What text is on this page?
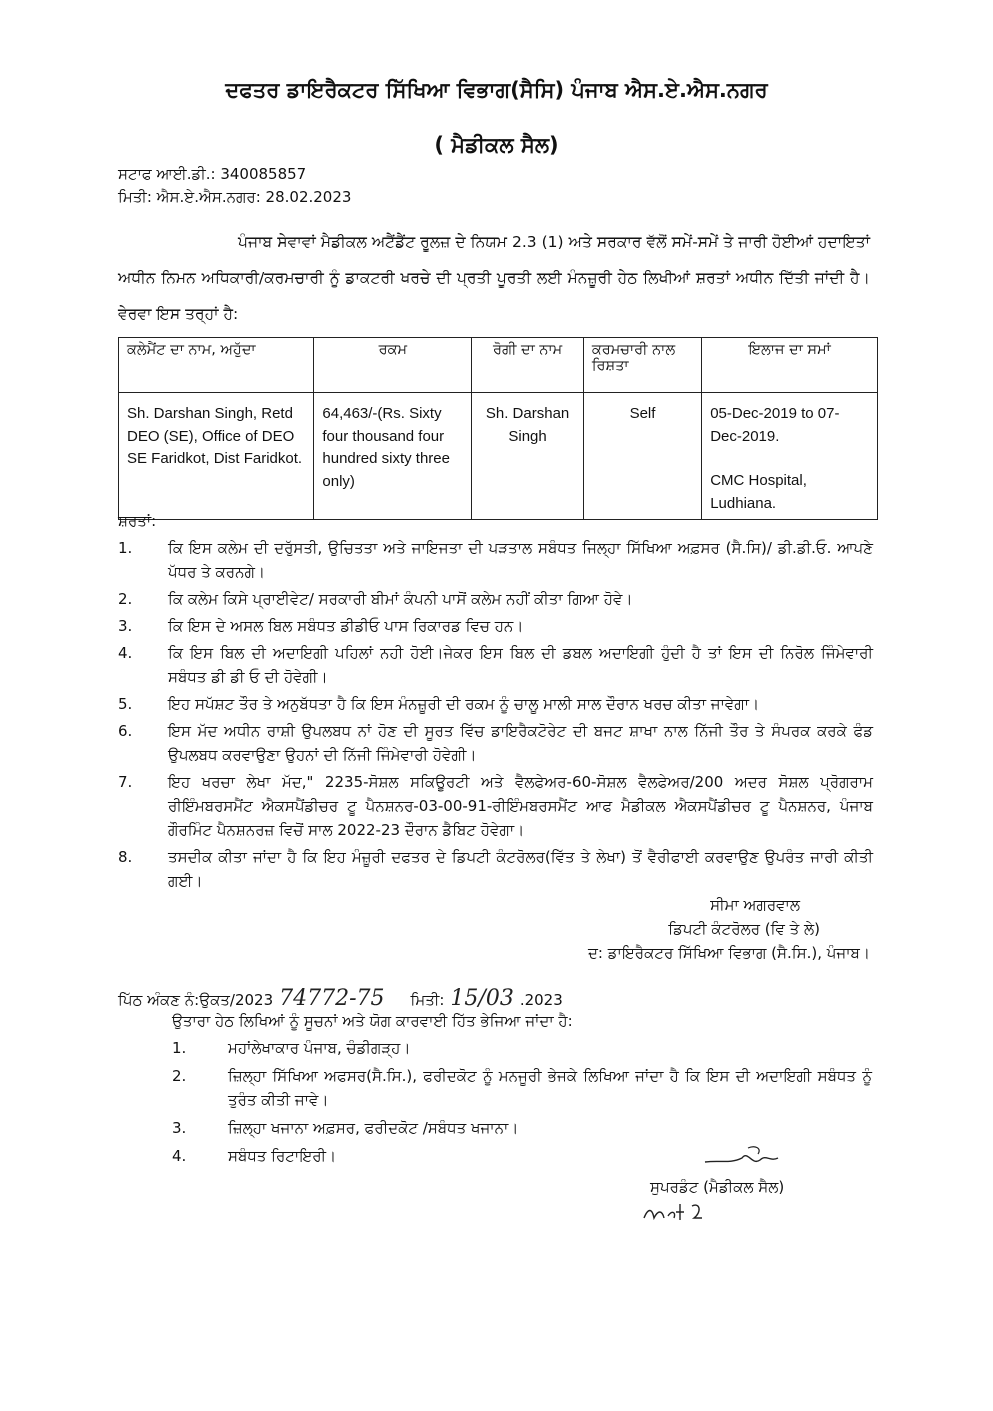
ਦਫਤਰ ਡਾਇਰੈਕਟਰ ਸਿੱਖਿਆ ਵਿਭਾਗ(ਸੈਸਿ) ਪੰਜਾਬ ਐਸ.ਏ.ਐਸ.ਨਗਰ
( ਮੈਡੀਕਲ ਸੈਲ)
ਸਟਾਫ ਆਈ.ਡੀ.: 340085857
ਮਿਤੀ: ਐਸ.ਏ.ਐਸ.ਨਗਰ: 28.02.2023

ਪੰਜਾਬ ਸੇਵਾਵਾਂ ਮੈਡੀਕਲ ਅਟੈਂਡੈਂਟ ਰੂਲਜ਼ ਦੇ ਨਿਯਮ 2.3 (1) ਅਤੇ ਸਰਕਾਰ ਵੱਲੋਂ ਸਮੇਂ-ਸਮੇਂ ਤੇ ਜਾਰੀ ਹੋਈਆਂ ਹਦਾਇਤਾਂ ਅਧੀਨ ਨਿਮਨ ਅਧਿਕਾਰੀ/ਕਰਮਚਾਰੀ ਨੂੰ ਡਾਕਟਰੀ ਖਰਚੇ ਦੀ ਪ੍ਰਤੀ ਪੂਰਤੀ ਲਈ ਮੰਨਜ਼ੂਰੀ ਹੇਠ ਲਿਖੀਆਂ ਸ਼ਰਤਾਂ ਅਧੀਨ ਦਿੱਤੀ ਜਾਂਦੀ ਹੈ। ਵੇਰਵਾ ਇਸ ਤਰ੍ਹਾਂ ਹੈ:

ਕਲੇਮੈਂਟ ਦਾ ਨਾਮ, ਅਹੁੱਦਾ	ਰਕਮ	ਰੋਗੀ ਦਾ ਨਾਮ	ਕਰਮਚਾਰੀ ਨਾਲ ਰਿਸ਼ਤਾ	ਇਲਾਜ ਦਾ ਸਮਾਂ
Sh. Darshan Singh, Retd DEO (SE), Office of DEO SE Faridkot, Dist Faridkot.	64,463/-(Rs. Sixty four thousand four hundred sixty three only)	Sh. Darshan Singh	Self	05-Dec-2019 to 07-Dec-2019.
CMC Hospital, Ludhiana.
ਸ਼ਰਤਾਂ:
1.	ਕਿ ਇਸ ਕਲੇਮ ਦੀ ਦਰੁੱਸਤੀ, ਉਚਿਤਤਾ ਅਤੇ ਜਾਇਜਤਾ ਦੀ ਪੜਤਾਲ ਸਬੰਧਤ ਜਿਲ੍ਹਾ ਸਿੱਖਿਆ ਅਫ਼ਸਰ (ਸੈ.ਸਿ)/ ਡੀ.ਡੀ.ਓ. ਆਪਣੇ ਪੱਧਰ ਤੇ ਕਰਨਗੇ।
2.	ਕਿ ਕਲੇਮ ਕਿਸੇ ਪ੍ਰਾਈਵੇਟ/ ਸਰਕਾਰੀ ਬੀਮਾਂ ਕੰਪਨੀ ਪਾਸੋਂ ਕਲੇਮ ਨਹੀਂ ਕੀਤਾ ਗਿਆ ਹੋਵੇ।
3.	ਕਿ ਇਸ ਦੇ ਅਸਲ ਬਿਲ ਸਬੰਧਤ ਡੀਡੀਓ ਪਾਸ ਰਿਕਾਰਡ ਵਿਚ ਹਨ।
4.	ਕਿ ਇਸ ਬਿਲ ਦੀ ਅਦਾਇਗੀ ਪਹਿਲਾਂ ਨਹੀ ਹੋਈ।ਜੇਕਰ ਇਸ ਬਿਲ ਦੀ ਡਬਲ ਅਦਾਇਗੀ ਹੁੰਦੀ ਹੈ ਤਾਂ ਇਸ ਦੀ ਨਿਰੋਲ ਜਿੰਮੇਵਾਰੀ ਸਬੰਧਤ ਡੀ ਡੀ ਓ ਦੀ ਹੋਵੇਗੀ।
5.	ਇਹ ਸਪੱਸ਼ਟ ਤੌਰ ਤੇ ਅਨੁਬੱਧਤਾ ਹੈ ਕਿ ਇਸ ਮੰਨਜ਼ੂਰੀ ਦੀ ਰਕਮ ਨੂੰ ਚਾਲੂ ਮਾਲੀ ਸਾਲ ਦੌਰਾਨ ਖਰਚ ਕੀਤਾ ਜਾਵੇਗਾ।
6.	ਇਸ ਮੱਦ ਅਧੀਨ ਰਾਸ਼ੀ ਉਪਲਬਧ ਨਾਂ ਹੋਣ ਦੀ ਸੂਰਤ ਵਿੱਚ ਡਾਇਰੈਕਟੋਰੇਟ ਦੀ ਬਜਟ ਸ਼ਾਖਾ ਨਾਲ ਨਿੱਜੀ ਤੌਰ ਤੇ ਸੰਪਰਕ ਕਰਕੇ ਫੰਡ ਉਪਲਬਧ ਕਰਵਾਉਣਾ ਉਹਨਾਂ ਦੀ ਨਿੱਜੀ ਜਿੰਮੇਵਾਰੀ ਹੋਵੇਗੀ।
7.	ਇਹ ਖਰਚਾ ਲੇਖਾ ਮੱਦ," 2235-ਸੋਸ਼ਲ ਸਕਿਊਰਟੀ ਅਤੇ ਵੈਲਫੇਅਰ-60-ਸੋਸ਼ਲ ਵੈਲਫੇਅਰ/200 ਅਦਰ ਸੋਸ਼ਲ ਪ੍ਰੋਗਰਾਮ ਰੀਇੰਮਬਰਸਮੈਂਟ ਐਕਸਪੈਂਡੀਚਰ ਟੂ ਪੈਨਸ਼ਨਰ-03-00-91-ਰੀਇੰਮਬਰਸਮੈਂਟ ਆਫ ਮੈਡੀਕਲ ਐਕਸਪੈਂਡੀਚਰ ਟੂ ਪੈਨਸ਼ਨਰ, ਪੰਜਾਬ ਗੌਰਮਿੰਟ ਪੈਨਸ਼ਨਰਜ਼ ਵਿਚੋਂ ਸਾਲ 2022-23 ਦੌਰਾਨ ਡੈਬਿਟ ਹੋਵੇਗਾ।
8.	ਤਸਦੀਕ ਕੀਤਾ ਜਾਂਦਾ ਹੈ ਕਿ ਇਹ ਮੰਜ਼ੂਰੀ ਦਫਤਰ ਦੇ ਡਿਪਟੀ ਕੰਟਰੋਲਰ(ਵਿੱਤ ਤੇ ਲੇਖਾ) ਤੋਂ ਵੈਰੀਫਾਈ ਕਰਵਾਉਣ ਉਪਰੰਤ ਜਾਰੀ ਕੀਤੀ ਗਈ।
ਸੀਮਾ ਅਗਰਵਾਲ
ਡਿਪਟੀ ਕੰਟਰੋਲਰ (ਵਿ ਤੇ ਲੇ)
ਦ: ਡਾਇਰੈਕਟਰ ਸਿੱਖਿਆ ਵਿਭਾਗ (ਸੈ.ਸਿ.), ਪੰਜਾਬ।
ਪਿੱਠ ਅੰਕਣ ਨੰ:ਉਕਤ/2023 74772-75 ਮਿਤੀ: 15/03 .2023
ਉਤਾਰਾ ਹੇਠ ਲਿਖਿਆਂ ਨੂੰ ਸੂਚਨਾਂ ਅਤੇ ਯੋਗ ਕਾਰਵਾਈ ਹਿੱਤ ਭੇਜਿਆ ਜਾਂਦਾ ਹੈ:
1.	ਮਹਾਂਲੇਖਾਕਾਰ ਪੰਜਾਬ, ਚੰਡੀਗੜ੍ਹ।
2.	ਜ਼ਿਲ੍ਹਾ ਸਿੱਖਿਆ ਅਫਸਰ(ਸੈ.ਸਿ.), ਫਰੀਦਕੋਟ ਨੂੰ ਮਨਜੂਰੀ ਭੇਜਕੇ ਲਿਖਿਆ ਜਾਂਦਾ ਹੈ ਕਿ ਇਸ ਦੀ ਅਦਾਇਗੀ ਸਬੰਧਤ ਨੂੰ ਤੁਰੰਤ ਕੀਤੀ ਜਾਵੇ।
3.	ਜ਼ਿਲ੍ਹਾ ਖਜਾਨਾ ਅਫ਼ਸਰ, ਫਰੀਦਕੋਟ /ਸਬੰਧਤ ਖਜਾਨਾ।
4.	ਸਬੰਧਤ ਰਿਟਾਇਰੀ।
ਸੁਪਰਡੰਟ (ਮੈਡੀਕਲ ਸੈਲ)
